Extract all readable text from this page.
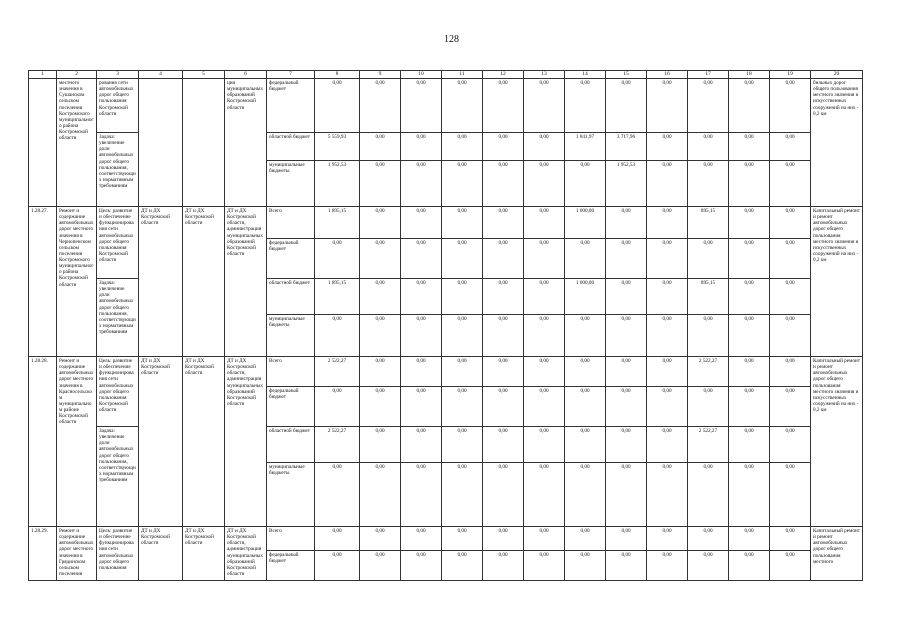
128
1	2	3	4	5	6	7	8	9	10	11	12	13	14	15	16	17	18	19	20
	местного значения в Сушанском сельском поселении Костромского муниципального района Костромской области	рования сети автомобильных дорог общего пользования Костромской области			ции муниципальных образований Костромской области	федеральный бюджет	0,00	0,00	0,00	0,00	0,00	0,00	0,00	0,00	0,00	0,00	0,00	0,00	бильных дорог общего пользования местного значения и искусственных сооружений на них - 0,2 км
		Задача: увеличение доли автомобильных дорог общего пользования, соответствующих нормативным требованиям				областной бюджет	5 559,93	0,00	0,00	0,00	0,00	0,00	1 841,97	3 717,96	0,00	0,00	0,00	0,00	
						муниципальные бюджеты	1 952,53	0,00	0,00	0,00	0,00	0,00	0,00	1 952,53	0,00	0,00	0,00	0,00	
1.28.27.	Ремонт и содержание автомобильных дорог местного значения в Чернопенском сельском поселении Костромского муниципального района Костромской области	Цель: развитие и обеспечение функционирования сети автомобильных дорог общего пользования Костромской области	ДТ и ДХ Костромской области	ДТ и ДХ Костромской области	ДТ и ДХ Костромской области, администрации муниципальных образований Костромской области	Всего	1 895,15	0,00	0,00	0,00	0,00	0,00	1 000,00	0,00	0,00	895,15	0,00	0,00	Капитальный ремонт и ремонт автомобильных дорог общего пользования местного значения и искусственных сооружений на них - 0,2 км
						федеральный бюджет	0,00	0,00	0,00	0,00	0,00	0,00	0,00	0,00	0,00	0,00	0,00	0,00	
		Задача: увеличение доли автомобильных дорог общего пользования, соответствующих нормативным требованиям				областной бюджет	1 895,15	0,00	0,00	0,00	0,00	0,00	1 000,00	0,00	0,00	895,15	0,00	0,00	
						муниципальные бюджеты	0,00	0,00	0,00	0,00	0,00	0,00	0,00	0,00	0,00	0,00	0,00	0,00	
1.28.28.	Ремонт и содержание автомобильных дорог местного значения в Красносельском муниципальном районе Костромской области	Цель: развитие и обеспечение функционирования сети автомобильных дорог общего пользования Костромской области	ДТ и ДХ Костромской области	ДТ и ДХ Костромской области	ДТ и ДХ Костромской области, администрации муниципальных образований Костромской области	Всего	2 522,27	0,00	0,00	0,00	0,00	0,00	0,00	0,00	0,00	2 522,27	0,00	0,00	Капитальный ремонт и ремонт автомобильных дорог общего пользования местного значения и искусственных сооружений на них - 0,2 км
						федеральный бюджет	0,00	0,00	0,00	0,00	0,00	0,00	0,00	0,00	0,00	0,00	0,00	0,00	
		Задача: увеличение доли автомобильных дорог общего пользования, соответствующих нормативным требованиям				областной бюджет	2 522,27	0,00	0,00	0,00	0,00	0,00	0,00	0,00	0,00	2 522,27	0,00	0,00	
						муниципальные бюджеты	0,00	0,00	0,00	0,00	0,00	0,00	0,00	0,00	0,00	0,00	0,00	0,00	
1.28.29.	Ремонт и содержание автомобильных дорог местного значения в Грядинском сельском поселении	Цель: развитие и обеспечение функционирования сети автомобильных дорог общего пользования	ДТ и ДХ Костромской области	ДТ и ДХ Костромской области	ДТ и ДХ Костромской области, администрации муниципальных образований Костромской области	Всего	0,00	0,00	0,00	0,00	0,00	0,00	0,00	0,00	0,00	0,00	0,00	0,00	Капитальный ремонт и ремонт автомобильных дорог общего пользования местного
						федеральный бюджет	0,00	0,00	0,00	0,00	0,00	0,00	0,00	0,00	0,00	0,00	0,00	0,00	
